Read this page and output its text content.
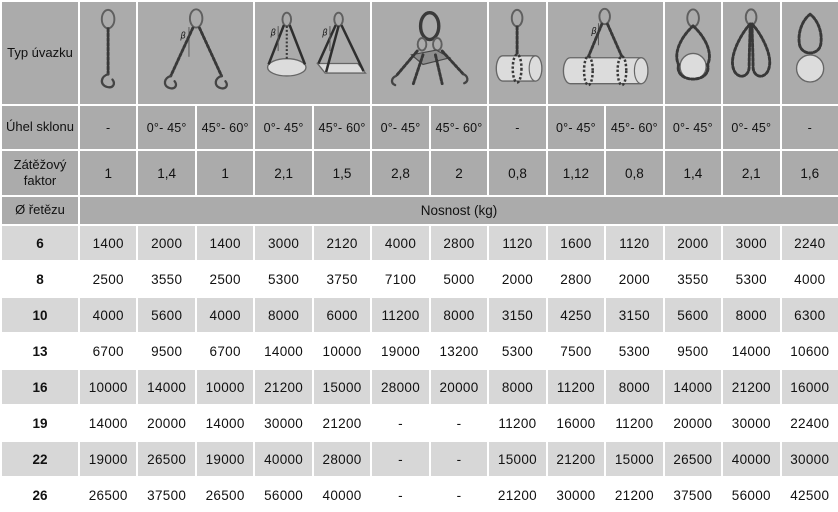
Typ úvazku
β	β	β	β
Úhel sklonu	-	0°- 45°	45°- 60°	0°- 45°	45°- 60°	0°- 45°	45°- 60°	-	0°- 45°	45°- 60°	0°- 45°	0°- 45°	-
Zátěžový faktor	1	1,4	1	2,1	1,5	2,8	2	0,8	1,12	0,8	1,4	2,1	1,6
Ø řetězu	Nosnost (kg)
6	1400	2000	1400	3000	2120	4000	2800	1120	1600	1120	2000	3000	2240
8	2500	3550	2500	5300	3750	7100	5000	2000	2800	2000	3550	5300	4000
10	4000	5600	4000	8000	6000	11200	8000	3150	4250	3150	5600	8000	6300
13	6700	9500	6700	14000	10000	19000	13200	5300	7500	5300	9500	14000	10600
16	10000	14000	10000	21200	15000	28000	20000	8000	11200	8000	14000	21200	16000
19	14000	20000	14000	30000	21200	-	-	11200	16000	11200	20000	30000	22400
22	19000	26500	19000	40000	28000	-	-	15000	21200	15000	26500	40000	30000
26	26500	37500	26500	56000	40000	-	-	21200	30000	21200	37500	56000	42500
